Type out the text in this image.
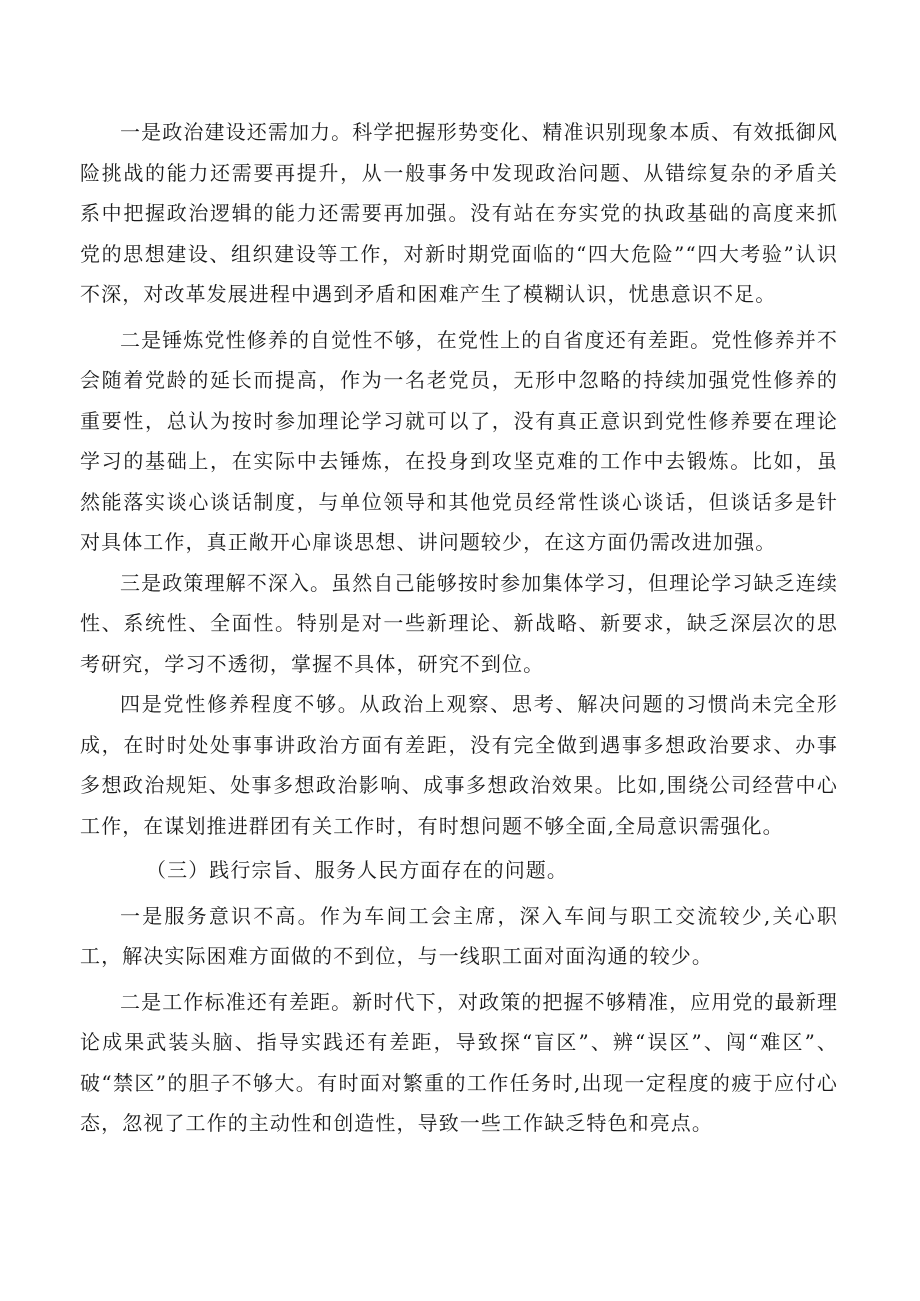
一是政治建设还需加力。科学把握形势变化、精准识别现象本质、有效抵御风险挑战的能力还需要再提升，从一般事务中发现政治问题、从错综复杂的矛盾关系中把握政治逻辑的能力还需要再加强。没有站在夯实党的执政基础的高度来抓党的思想建设、组织建设等工作，对新时期党面临的“四大危险”“四大考验”认识不深，对改革发展进程中遇到矛盾和困难产生了模糊认识，忧患意识不足。

二是锤炼党性修养的自觉性不够，在党性上的自省度还有差距。党性修养并不会随着党龄的延长而提高，作为一名老党员，无形中忽略的持续加强党性修养的重要性，总认为按时参加理论学习就可以了，没有真正意识到党性修养要在理论学习的基础上，在实际中去锤炼，在投身到攻坚克难的工作中去锻炼。比如，虽然能落实谈心谈话制度，与单位领导和其他党员经常性谈心谈话，但谈话多是针对具体工作，真正敞开心扉谈思想、讲问题较少，在这方面仍需改进加强。

三是政策理解不深入。虽然自己能够按时参加集体学习，但理论学习缺乏连续性、系统性、全面性。特别是对一些新理论、新战略、新要求，缺乏深层次的思考研究，学习不透彻，掌握不具体，研究不到位。

四是党性修养程度不够。从政治上观察、思考、解决问题的习惯尚未完全形成，在时时处处事事讲政治方面有差距，没有完全做到遇事多想政治要求、办事多想政治规矩、处事多想政治影响、成事多想政治效果。比如,围绕公司经营中心工作，在谋划推进群团有关工作时，有时想问题不够全面,全局意识需强化。

（三）践行宗旨、服务人民方面存在的问题。

一是服务意识不高。作为车间工会主席，深入车间与职工交流较少,关心职工，解决实际困难方面做的不到位，与一线职工面对面沟通的较少。

二是工作标准还有差距。新时代下，对政策的把握不够精准，应用党的最新理论成果武装头脑、指导实践还有差距，导致探“盲区”、辨“误区”、闯“难区”、破“禁区”的胆子不够大。有时面对繁重的工作任务时,出现一定程度的疲于应付心态，忽视了工作的主动性和创造性，导致一些工作缺乏特色和亮点。
